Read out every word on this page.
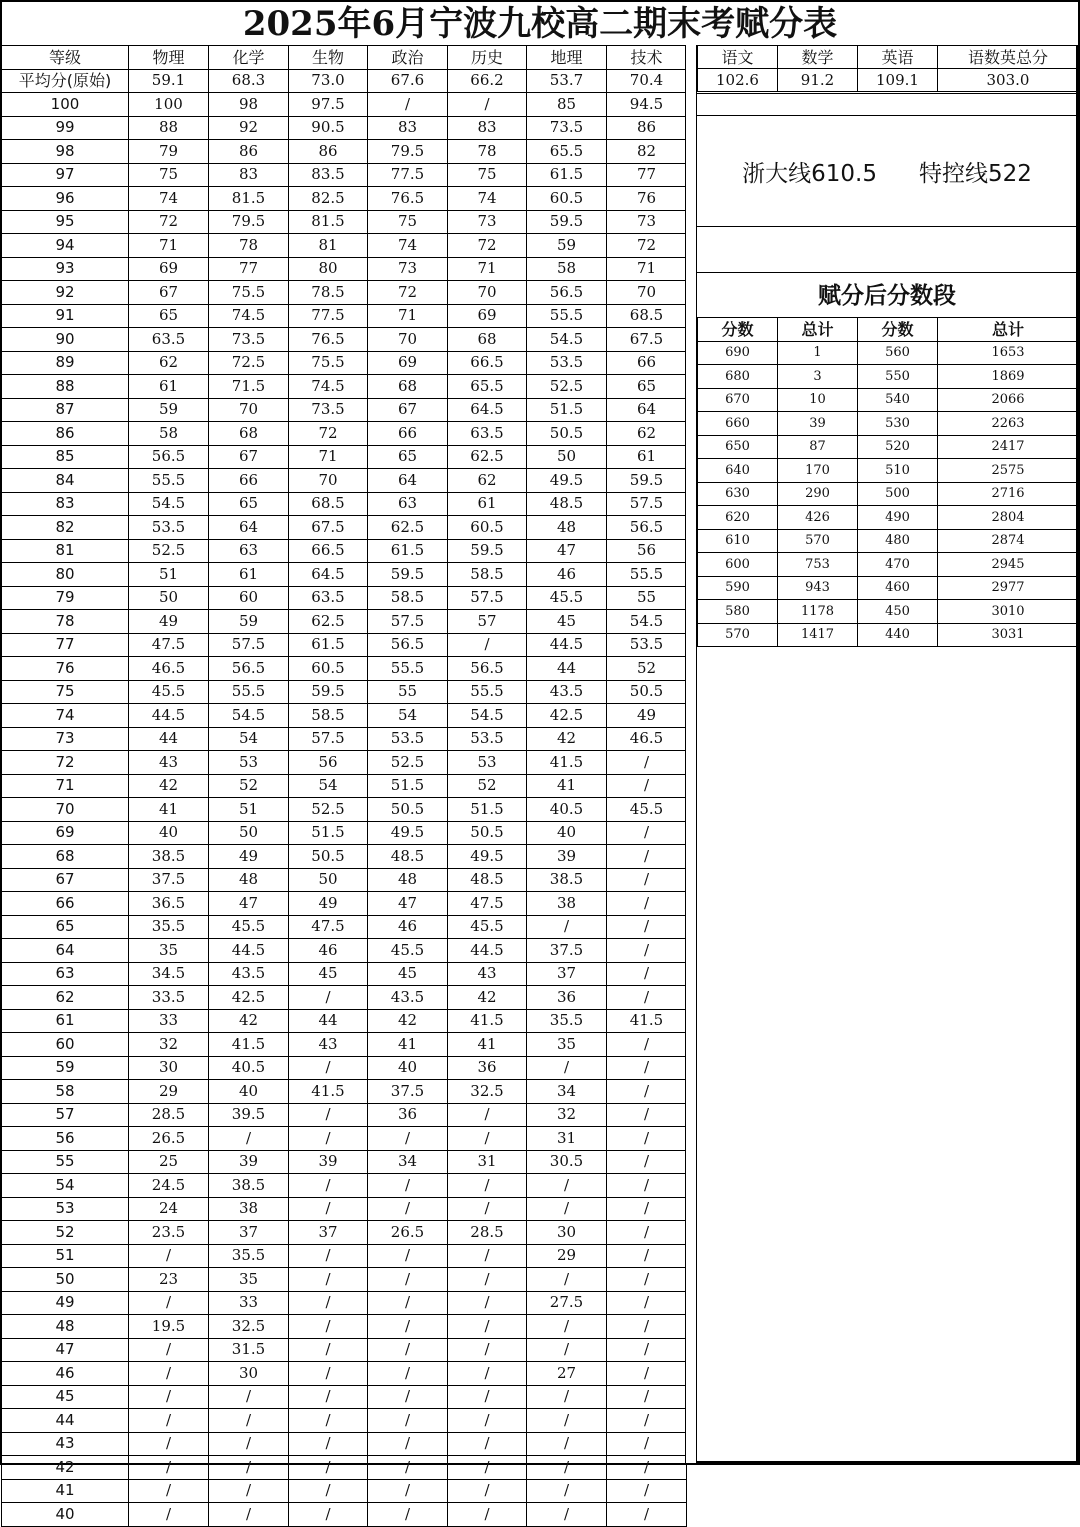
2025年6月宁波九校高二期末考赋分表
等级	物理	化学	生物	政治	历史	地理	技术
平均分(原始)	59.1	68.3	73.0	67.6	66.2	53.7	70.4
100	100	98	97.5	/	/	85	94.5
99	88	92	90.5	83	83	73.5	86
98	79	86	86	79.5	78	65.5	82
97	75	83	83.5	77.5	75	61.5	77
96	74	81.5	82.5	76.5	74	60.5	76
95	72	79.5	81.5	75	73	59.5	73
94	71	78	81	74	72	59	72
93	69	77	80	73	71	58	71
92	67	75.5	78.5	72	70	56.5	70
91	65	74.5	77.5	71	69	55.5	68.5
90	63.5	73.5	76.5	70	68	54.5	67.5
89	62	72.5	75.5	69	66.5	53.5	66
88	61	71.5	74.5	68	65.5	52.5	65
87	59	70	73.5	67	64.5	51.5	64
86	58	68	72	66	63.5	50.5	62
85	56.5	67	71	65	62.5	50	61
84	55.5	66	70	64	62	49.5	59.5
83	54.5	65	68.5	63	61	48.5	57.5
82	53.5	64	67.5	62.5	60.5	48	56.5
81	52.5	63	66.5	61.5	59.5	47	56
80	51	61	64.5	59.5	58.5	46	55.5
79	50	60	63.5	58.5	57.5	45.5	55
78	49	59	62.5	57.5	57	45	54.5
77	47.5	57.5	61.5	56.5	/	44.5	53.5
76	46.5	56.5	60.5	55.5	56.5	44	52
75	45.5	55.5	59.5	55	55.5	43.5	50.5
74	44.5	54.5	58.5	54	54.5	42.5	49
73	44	54	57.5	53.5	53.5	42	46.5
72	43	53	56	52.5	53	41.5	/
71	42	52	54	51.5	52	41	/
70	41	51	52.5	50.5	51.5	40.5	45.5
69	40	50	51.5	49.5	50.5	40	/
68	38.5	49	50.5	48.5	49.5	39	/
67	37.5	48	50	48	48.5	38.5	/
66	36.5	47	49	47	47.5	38	/
65	35.5	45.5	47.5	46	45.5	/	/
64	35	44.5	46	45.5	44.5	37.5	/
63	34.5	43.5	45	45	43	37	/
62	33.5	42.5	/	43.5	42	36	/
61	33	42	44	42	41.5	35.5	41.5
60	32	41.5	43	41	41	35	/
59	30	40.5	/	40	36	/	/
58	29	40	41.5	37.5	32.5	34	/
57	28.5	39.5	/	36	/	32	/
56	26.5	/	/	/	/	31	/
55	25	39	39	34	31	30.5	/
54	24.5	38.5	/	/	/	/	/
53	24	38	/	/	/	/	/
52	23.5	37	37	26.5	28.5	30	/
51	/	35.5	/	/	/	29	/
50	23	35	/	/	/	/	/
49	/	33	/	/	/	27.5	/
48	19.5	32.5	/	/	/	/	/
47	/	31.5	/	/	/	/	/
46	/	30	/	/	/	27	/
45	/	/	/	/	/	/	/
44	/	/	/	/	/	/	/
43	/	/	/	/	/	/	/
42	/	/	/	/	/	/	/
41	/	/	/	/	/	/	/
40	/	/	/	/	/	/	/
语文	数学	英语	语数英总分
102.6	91.2	109.1	303.0
浙大线610.5 特控线522
赋分后分数段
分数	总计	分数	总计
690	1	560	1653
680	3	550	1869
670	10	540	2066
660	39	530	2263
650	87	520	2417
640	170	510	2575
630	290	500	2716
620	426	490	2804
610	570	480	2874
600	753	470	2945
590	943	460	2977
580	1178	450	3010
570	1417	440	3031
